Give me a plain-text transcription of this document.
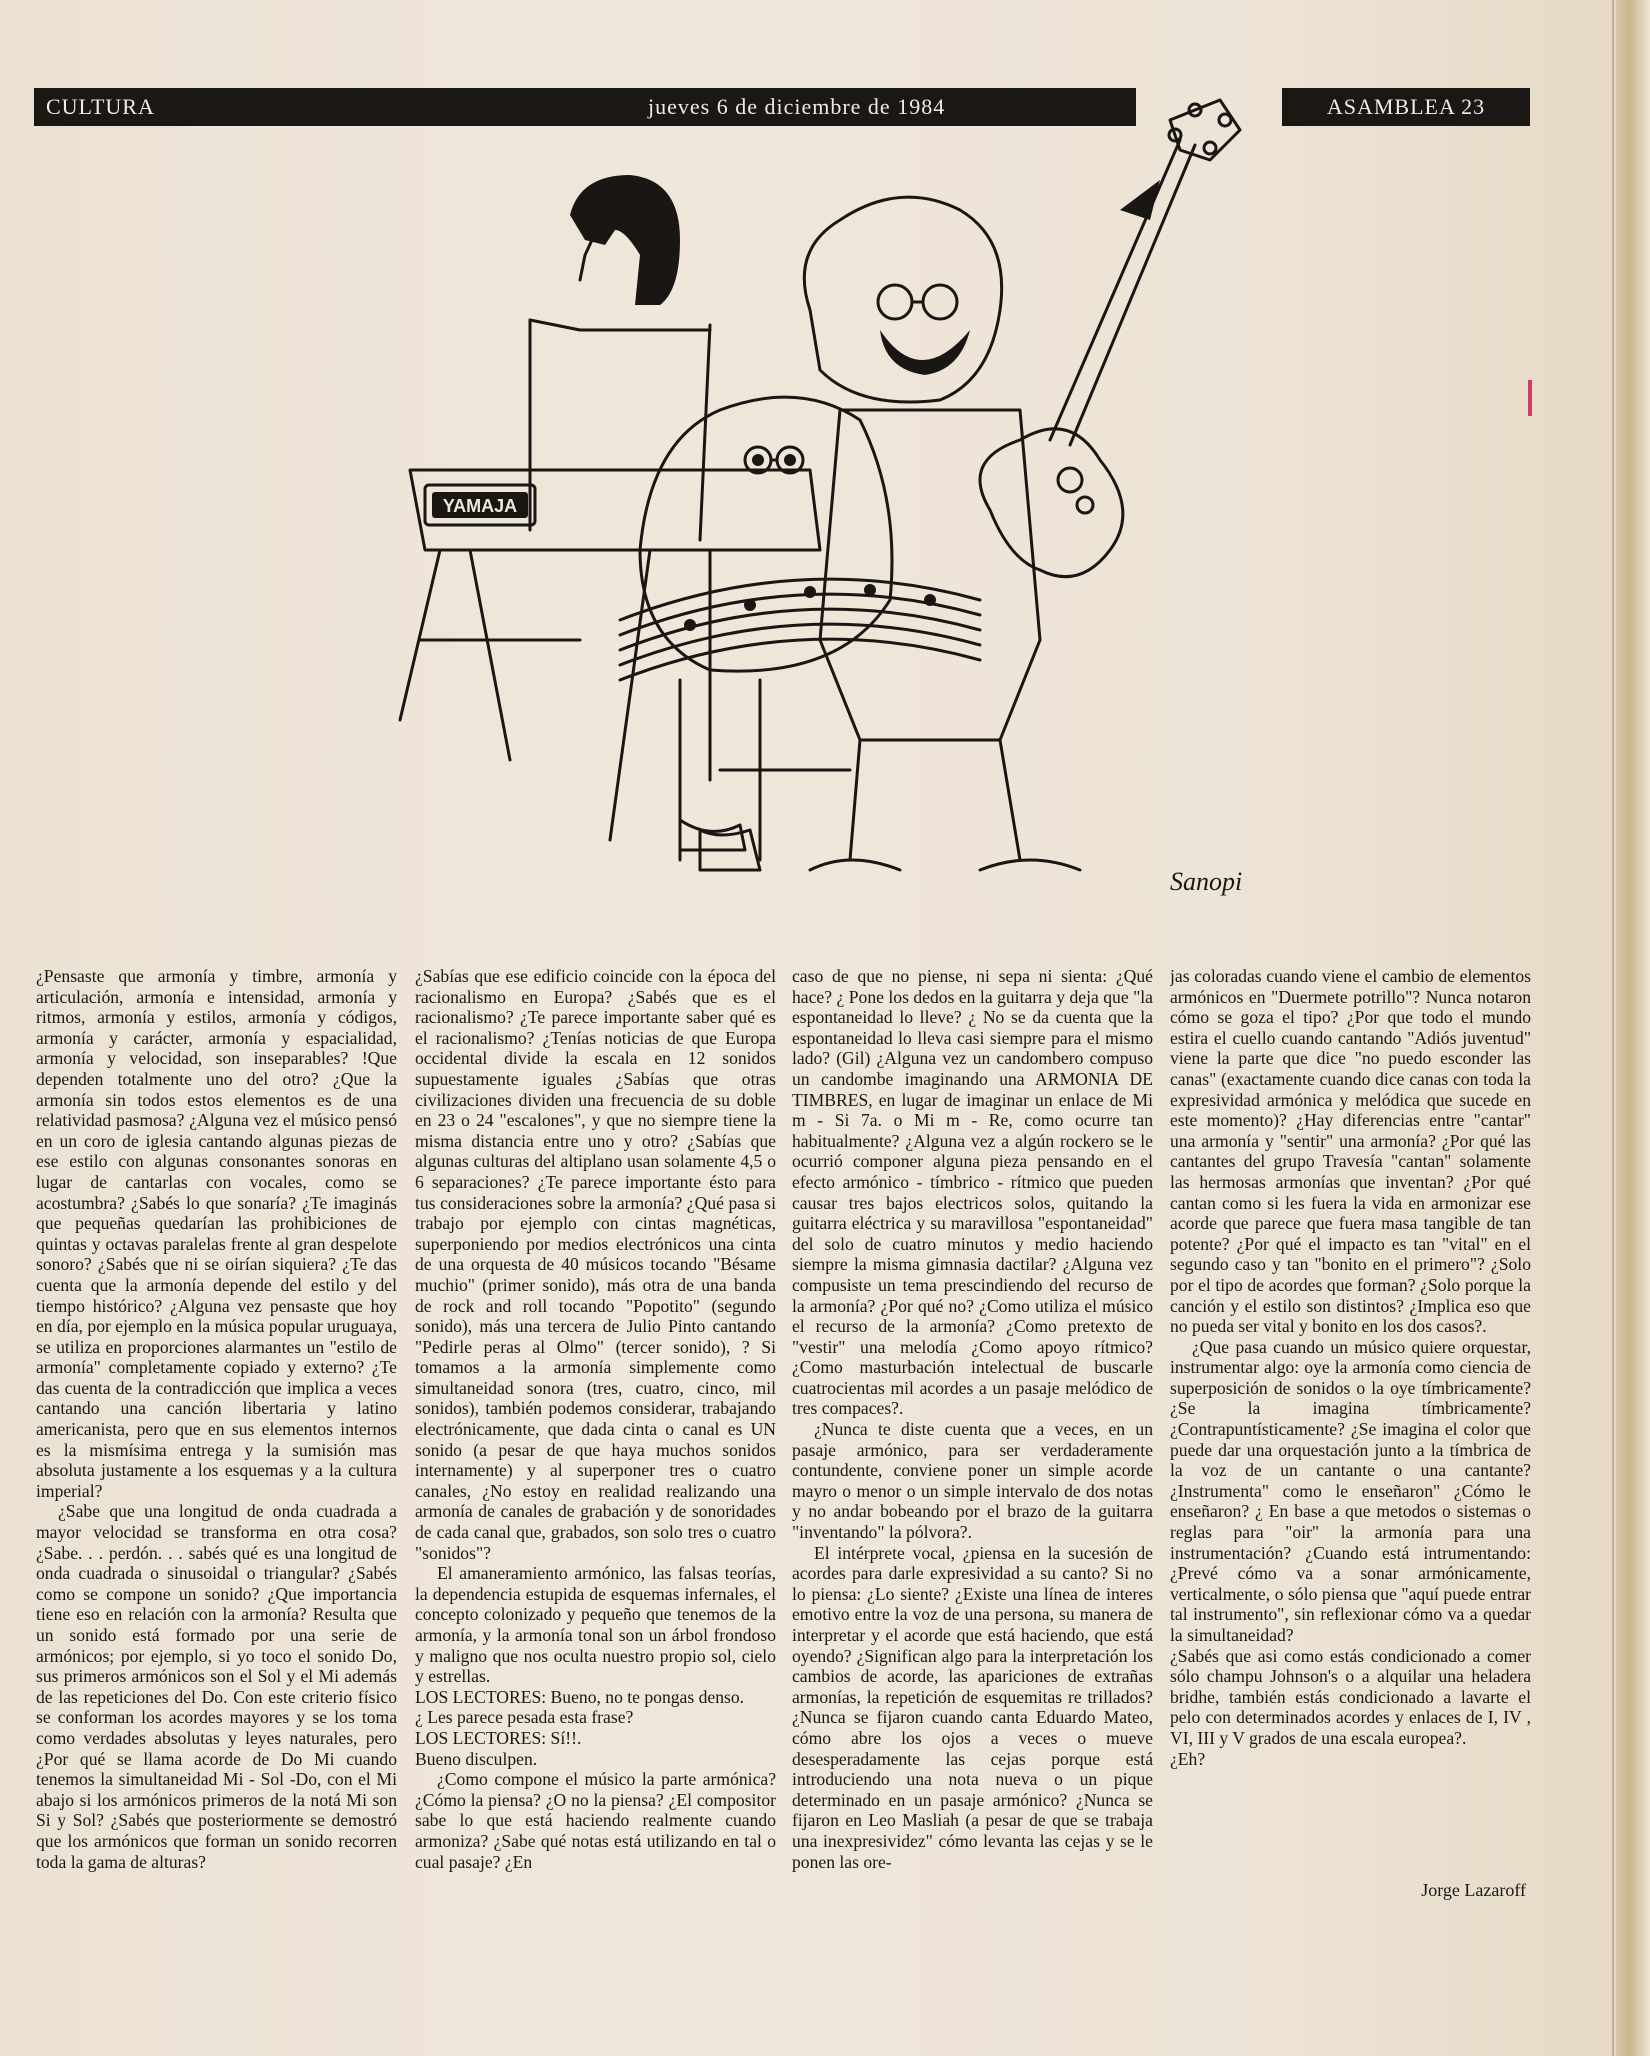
CULTURA	jueves 6 de diciembre de 1984	ASAMBLEA 23
YAMAJA
Sanopi

¿Pensaste que armonía y timbre, armonía y articulación, armonía e intensidad, armonía y ritmos, armonía y estilos, armonía y códigos, armonía y carácter, armonía y espacialidad, armonía y velocidad, son inseparables? !Que dependen totalmente uno del otro? ¿Que la armonía sin todos estos elementos es de una relatividad pasmosa? ¿Alguna vez el músico pensó en un coro de iglesia cantando algunas piezas de ese estilo con algunas consonantes sonoras en lugar de cantarlas con vocales, como se acostumbra? ¿Sabés lo que sonaría? ¿Te imaginás que pequeñas quedarían las prohibiciones de quintas y octavas paralelas frente al gran despelote sonoro? ¿Sabés que ni se oirían siquiera? ¿Te das cuenta que la armonía depende del estilo y del tiempo histórico? ¿Alguna vez pensaste que hoy en día, por ejemplo en la música popular uruguaya, se utiliza en proporciones alarmantes un "estilo de armonía" completamente copiado y externo? ¿Te das cuenta de la contradicción que implica a veces cantando una canción libertaria y latino americanista, pero que en sus elementos internos es la mismísima entrega y la sumisión mas absoluta justamente a los esquemas y a la cultura imperial?

¿Sabe que una longitud de onda cuadrada a mayor velocidad se transforma en otra cosa? ¿Sabe. . . perdón. . . sabés qué es una longitud de onda cuadrada o sinusoidal o triangular? ¿Sabés como se compone un sonido? ¿Que importancia tiene eso en relación con la armonía? Resulta que un sonido está formado por una serie de armónicos; por ejemplo, si yo toco el sonido Do, sus primeros armónicos son el Sol y el Mi además de las repeticiones del Do. Con este criterio físico se conforman los acordes mayores y se los toma como verdades absolutas y leyes naturales, pero ¿Por qué se llama acorde de Do Mi cuando tenemos la simultaneidad Mi - Sol -Do, con el Mi abajo si los armónicos primeros de la notá Mi son Si y Sol? ¿Sabés que posteriormente se demostró que los armónicos que forman un sonido recorren toda la gama de alturas?

¿Sabías que ese edificio coincide con la época del racionalismo en Europa? ¿Sabés que es el racionalismo? ¿Te parece importante saber qué es el racionalismo? ¿Tenías noticias de que Europa occidental divide la escala en 12 sonidos supuestamente iguales ¿Sabías que otras civilizaciones dividen una frecuencia de su doble en 23 o 24 "escalones", y que no siempre tiene la misma distancia entre uno y otro? ¿Sabías que algunas culturas del altiplano usan solamente 4,5 o 6 separaciones? ¿Te parece importante ésto para tus consideraciones sobre la armonía? ¿Qué pasa si trabajo por ejemplo con cintas magnéticas, superponiendo por medios electrónicos una cinta de una orquesta de 40 músicos tocando "Bésame muchio" (primer sonido), más otra de una banda de rock and roll tocando "Popotito" (segundo sonido), más una tercera de Julio Pinto cantando "Pedirle peras al Olmo" (tercer sonido), ? Si tomamos a la armonía simplemente como simultaneidad sonora (tres, cuatro, cinco, mil sonidos), también podemos considerar, trabajando electrónicamente, que dada cinta o canal es UN sonido (a pesar de que haya muchos sonidos internamente) y al superponer tres o cuatro canales, ¿No estoy en realidad realizando una armonía de canales de grabación y de sonoridades de cada canal que, grabados, son solo tres o cuatro "sonidos"?

El amaneramiento armónico, las falsas teorías, la dependencia estupida de esquemas infernales, el concepto colonizado y pequeño que tenemos de la armonía, y la armonía tonal son un árbol frondoso y maligno que nos oculta nuestro propio sol, cielo y estrellas.

LOS LECTORES: Bueno, no te pongas denso.

¿ Les parece pesada esta frase?

LOS LECTORES: Sí!!.

Bueno disculpen.

¿Como compone el músico la parte armónica? ¿Cómo la piensa? ¿O no la piensa? ¿El compositor sabe lo que está haciendo realmente cuando armoniza? ¿Sabe qué notas está utilizando en tal o cual pasaje? ¿En

caso de que no piense, ni sepa ni sienta: ¿Qué hace? ¿ Pone los dedos en la guitarra y deja que "la espontaneidad lo lleve? ¿ No se da cuenta que la espontaneidad lo lleva casi siempre para el mismo lado? (Gil) ¿Alguna vez un candombero compuso un candombe imaginando una ARMONIA DE TIMBRES, en lugar de imaginar un enlace de Mi m - Si 7a. o Mi m - Re, como ocurre tan habitualmente? ¿Alguna vez a algún rockero se le ocurrió componer alguna pieza pensando en el efecto armónico - tímbrico - rítmico que pueden causar tres bajos electricos solos, quitando la guitarra eléctrica y su maravillosa "espontaneidad" del solo de cuatro minutos y medio haciendo siempre la misma gimnasia dactilar? ¿Alguna vez compusiste un tema prescindiendo del recurso de la armonía? ¿Por qué no? ¿Como utiliza el músico el recurso de la armonía? ¿Como pretexto de "vestir" una melodía ¿Como apoyo rítmico? ¿Como masturbación intelectual de buscarle cuatrocientas mil acordes a un pasaje melódico de tres compaces?.

¿Nunca te diste cuenta que a veces, en un pasaje armónico, para ser verdaderamente contundente, conviene poner un simple acorde mayro o menor o un simple intervalo de dos notas y no andar bobeando por el brazo de la guitarra "inventando" la pólvora?.

El intérprete vocal, ¿piensa en la sucesión de acordes para darle expresividad a su canto? Si no lo piensa: ¿Lo siente? ¿Existe una línea de interes emotivo entre la voz de una persona, su manera de interpretar y el acorde que está haciendo, que está oyendo? ¿Significan algo para la interpretación los cambios de acorde, las apariciones de extrañas armonías, la repetición de esquemitas re trillados? ¿Nunca se fijaron cuando canta Eduardo Mateo, cómo abre los ojos a veces o mueve desesperadamente las cejas porque está introduciendo una nota nueva o un pique determinado en un pasaje armónico? ¿Nunca se fijaron en Leo Masliah (a pesar de que se trabaja una inexpresividez" cómo levanta las cejas y se le ponen las ore-

jas coloradas cuando viene el cambio de elementos armónicos en "Duermete potrillo"? Nunca notaron cómo se goza el tipo? ¿Por que todo el mundo estira el cuello cuando cantando "Adiós juventud" viene la parte que dice "no puedo esconder las canas" (exactamente cuando dice canas con toda la expresividad armónica y melódica que sucede en este momento)? ¿Hay diferencias entre "cantar" una armonía y "sentir" una armonía? ¿Por qué las cantantes del grupo Travesía "cantan" solamente las hermosas armonías que inventan? ¿Por qué cantan como si les fuera la vida en armonizar ese acorde que parece que fuera masa tangible de tan potente? ¿Por qué el impacto es tan "vital" en el segundo caso y tan "bonito en el primero"? ¿Solo por el tipo de acordes que forman? ¿Solo porque la canción y el estilo son distintos? ¿Implica eso que no pueda ser vital y bonito en los dos casos?.

¿Que pasa cuando un músico quiere orquestar, instrumentar algo: oye la armonía como ciencia de superposición de sonidos o la oye tímbricamente? ¿Se la imagina tímbricamente? ¿Contrapuntísticamente? ¿Se imagina el color que puede dar una orquestación junto a la tímbrica de la voz de un cantante o una cantante? ¿Instrumenta" como le enseñaron" ¿Cómo le enseñaron? ¿ En base a que metodos o sistemas o reglas para "oir" la armonía para una instrumentación? ¿Cuando está intrumentando: ¿Prevé cómo va a sonar armónicamente, verticalmente, o sólo piensa que "aquí puede entrar tal instrumento", sin reflexionar cómo va a quedar la simultaneidad?

¿Sabés que asi como estás condicionado a comer sólo champu Johnson's o a alquilar una heladera bridhe, también estás condicionado a lavarte el pelo con determinados acordes y enlaces de I, IV , VI, III y V grados de una escala europea?.

¿Eh?

Jorge Lazaroff
